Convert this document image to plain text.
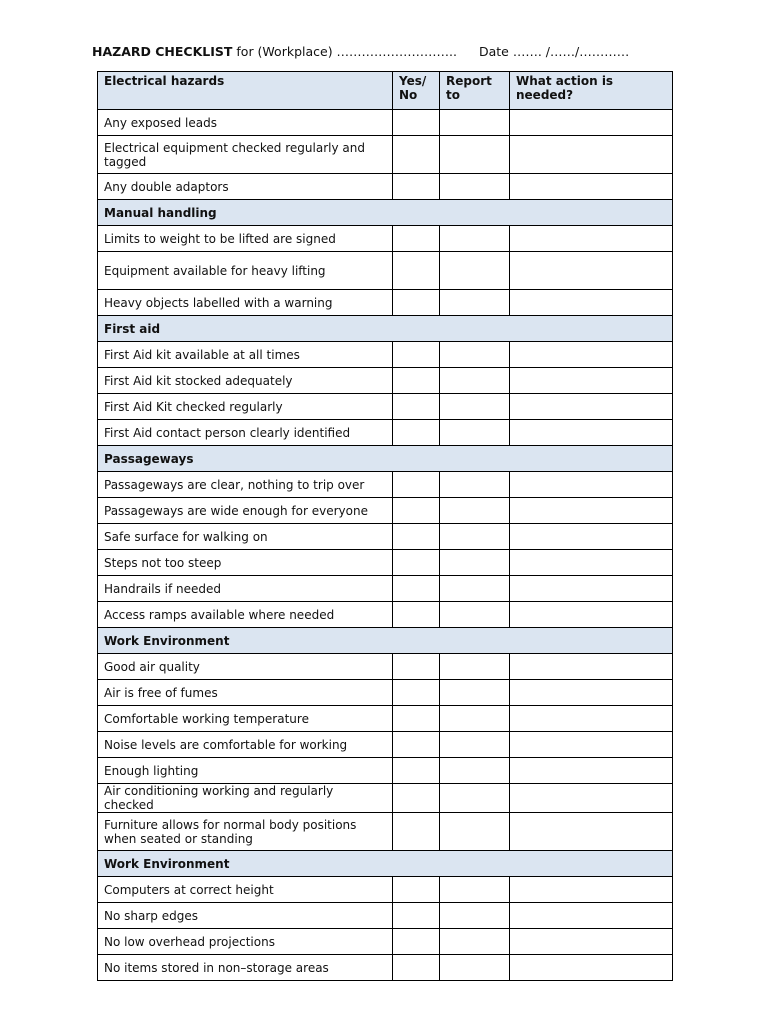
HAZARD CHECKLIST for (Workplace) ……………………….. Date ……. /……/…………
Electrical hazards	Yes/ No	Report to	What action is needed?
Any exposed leads			
Electrical equipment checked regularly and tagged			
Any double adaptors			
Manual handling			
Limits to weight to be lifted are signed			
Equipment available for heavy lifting			
Heavy objects labelled with a warning			
First aid			
First Aid kit available at all times			
First Aid kit stocked adequately			
First Aid Kit checked regularly			
First Aid contact person clearly identified			
Passageways			
Passageways are clear, nothing to trip over			
Passageways are wide enough for everyone			
Safe surface for walking on			
Steps not too steep			
Handrails if needed			
Access ramps available where needed			
Work Environment			
Good air quality			
Air is free of fumes			
Comfortable working temperature			
Noise levels are comfortable for working			
Enough lighting			
Air conditioning working and regularly checked			
Furniture allows for normal body positions when seated or standing			
Work Environment			
Computers at correct height			
No sharp edges			
No low overhead projections			
No items stored in non–storage areas			
